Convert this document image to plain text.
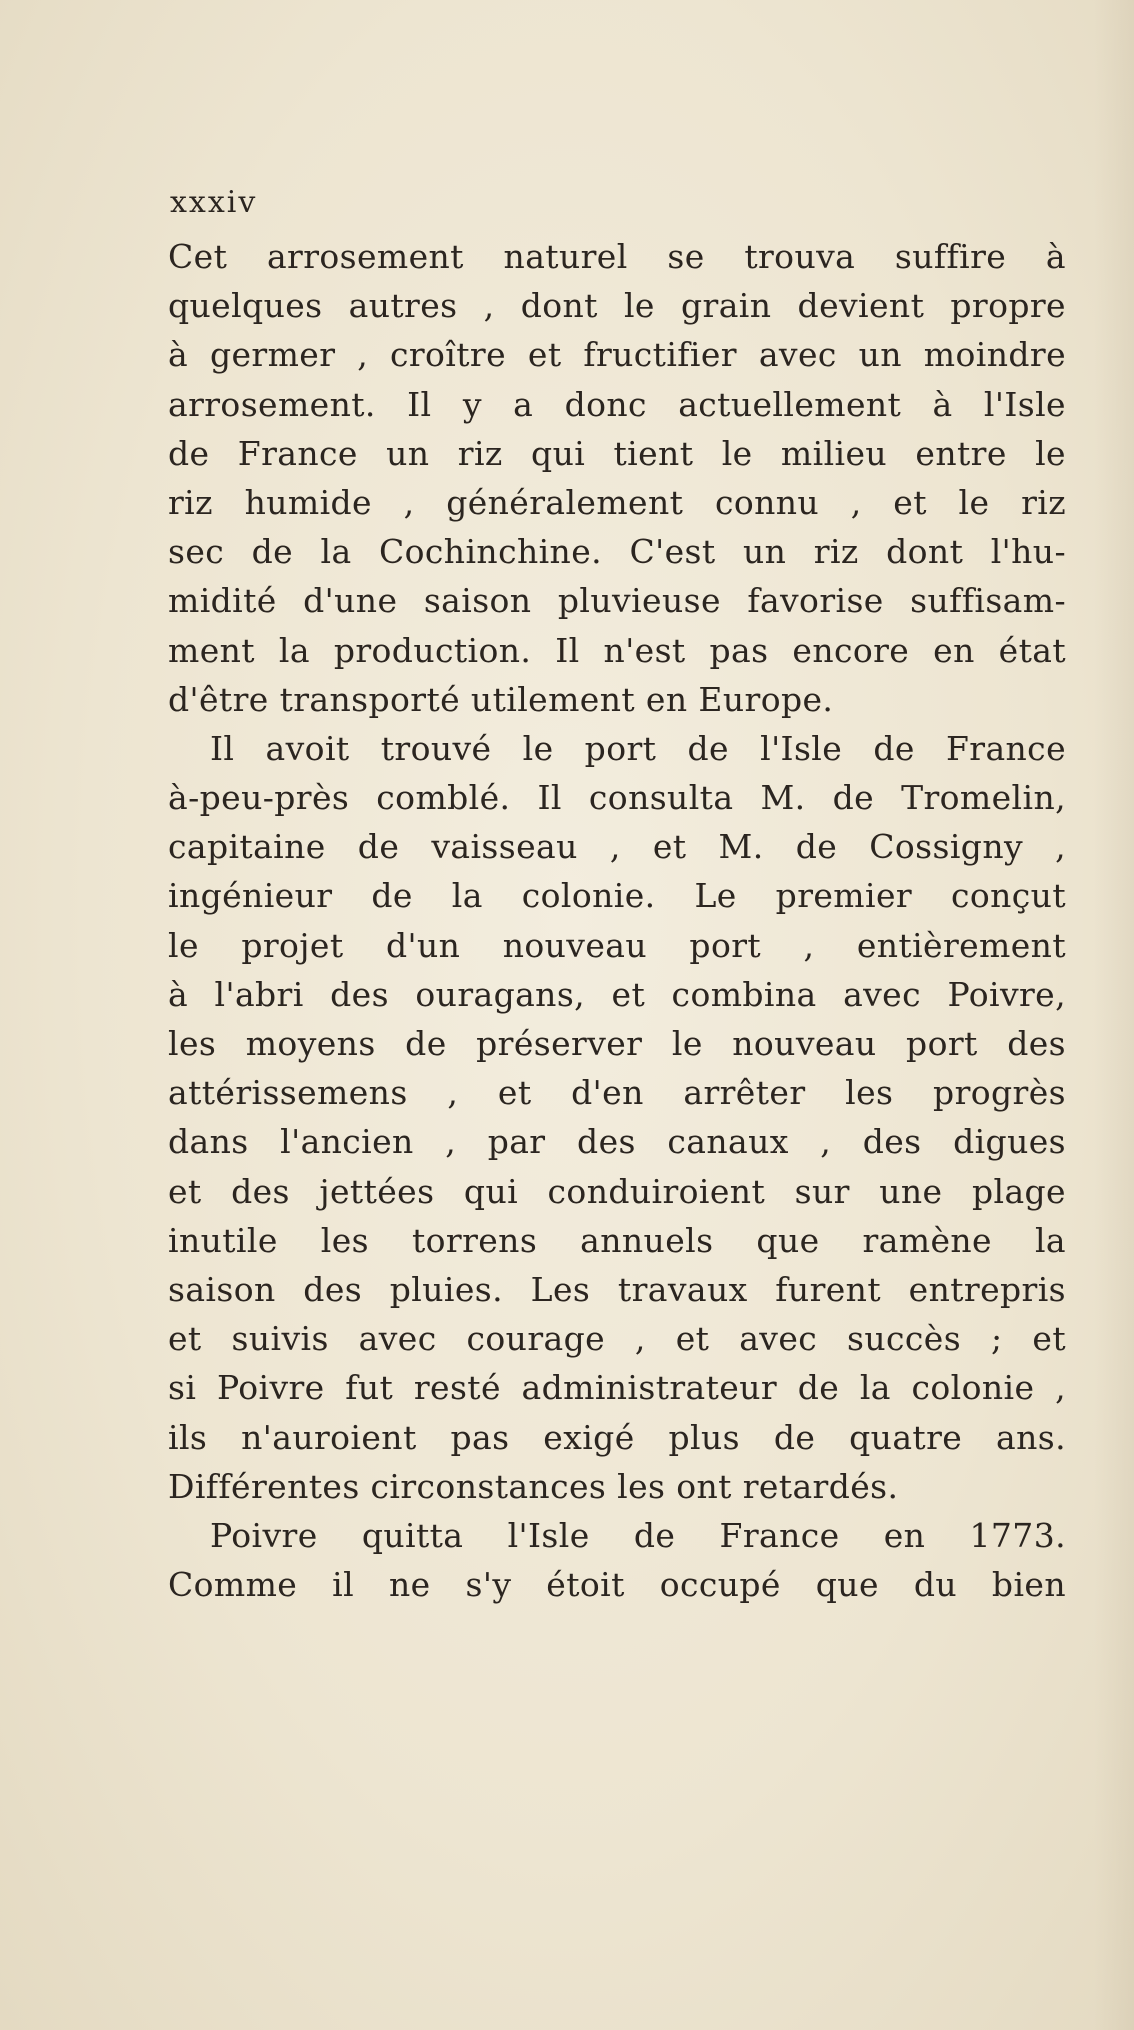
xxxiv
Cet arrosement naturel se trouva suffire à
quelques autres , dont le grain devient propre
à germer , croître et fructifier avec un moindre
arrosement. Il y a donc actuellement à l'Isle
de France un riz qui tient le milieu entre le
riz humide , généralement connu , et le riz
sec de la Cochinchine. C'est un riz dont l'hu-
midité d'une saison pluvieuse favorise suffisam-
ment la production. Il n'est pas encore en état
d'être transporté utilement en Europe.
Il avoit trouvé le port de l'Isle de France
à-peu-près comblé. Il consulta M. de Tromelin,
capitaine de vaisseau , et M. de Cossigny ,
ingénieur de la colonie. Le premier conçut
le projet d'un nouveau port , entièrement
à l'abri des ouragans, et combina avec Poivre,
les moyens de préserver le nouveau port des
attérissemens , et d'en arrêter les progrès
dans l'ancien , par des canaux , des digues
et des jettées qui conduiroient sur une plage
inutile les torrens annuels que ramène la
saison des pluies. Les travaux furent entrepris
et suivis avec courage , et avec succès ; et
si Poivre fut resté administrateur de la colonie ,
ils n'auroient pas exigé plus de quatre ans.
Différentes circonstances les ont retardés.
Poivre quitta l'Isle de France en 1773.
Comme il ne s'y étoit occupé que du bien
